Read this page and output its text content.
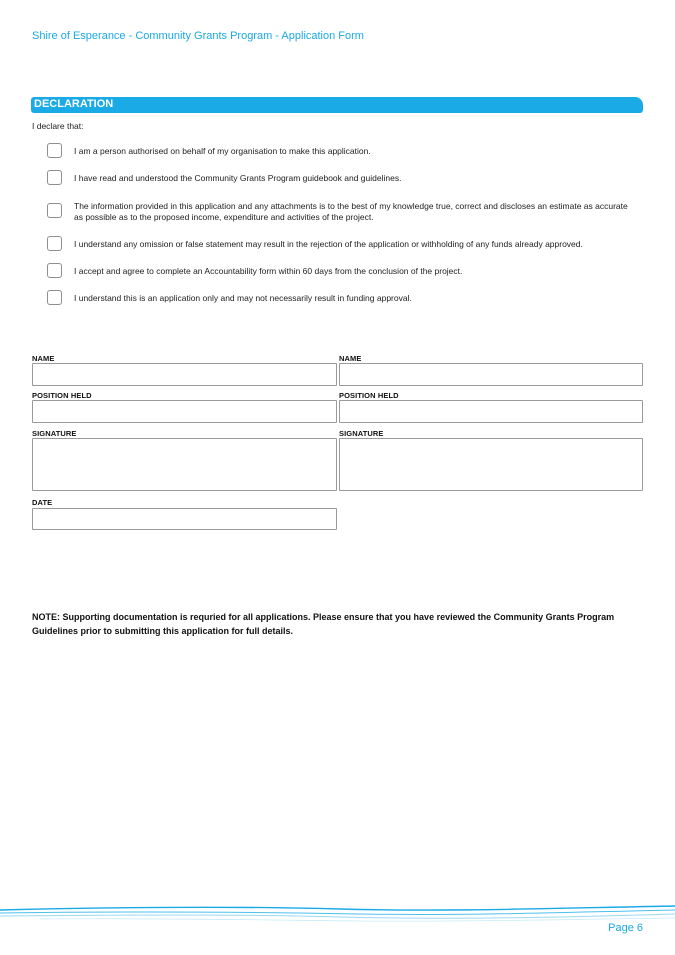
Shire of Esperance - Community Grants Program - Application Form
DECLARATION
I declare that:
I am a person authorised on behalf of my organisation to make this application.
I have read and understood the Community Grants Program guidebook and guidelines.
The information provided in this application and any attachments is to the best of my knowledge true, correct and discloses an estimate as accurate as possible as to the proposed income, expenditure and activities of the project.
I understand any omission or false statement may result in the rejection of the application or withholding of any funds already approved.
I accept and agree to complete an Accountability form within 60 days from the conclusion of the project.
I understand this is an application only and may not necessarily result in funding approval.
NAME
POSITION HELD
SIGNATURE
NAME
POSITION HELD
SIGNATURE
DATE
NOTE: Supporting documentation is requried for all applications. Please ensure that you have reviewed the Community Grants Program Guidelines prior to submitting this application for full details.
Page 6
